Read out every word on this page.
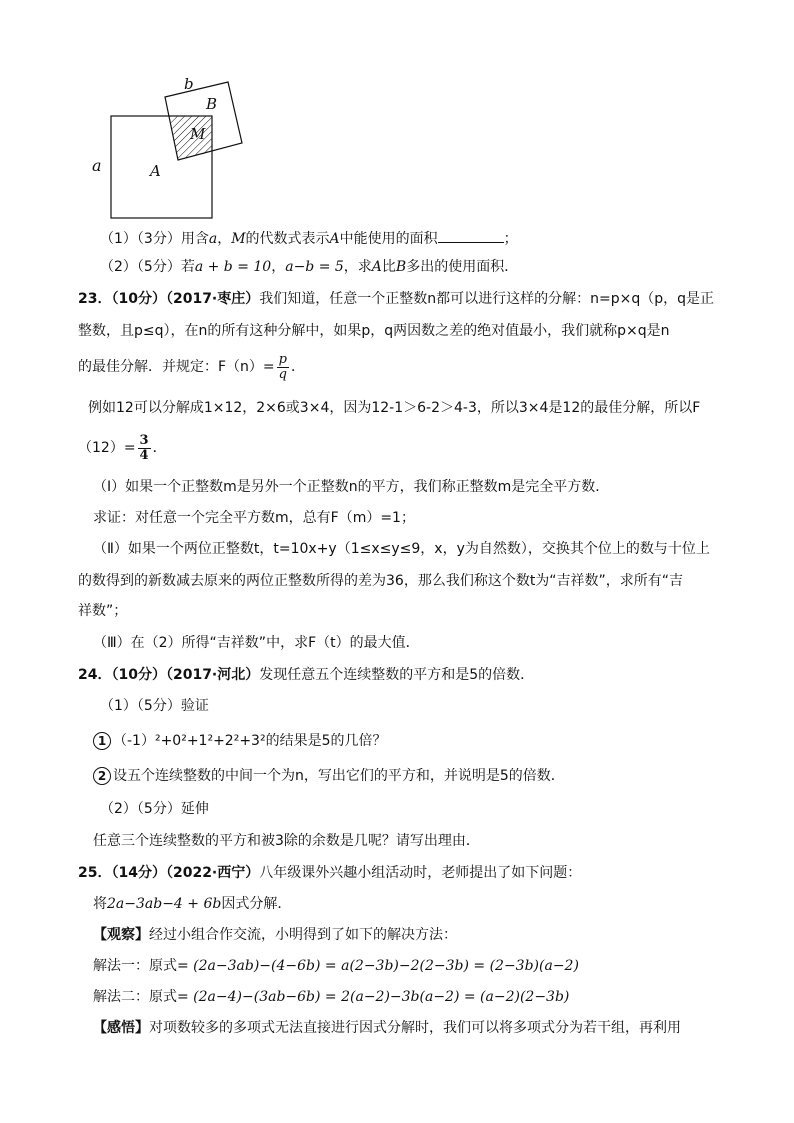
b
B
M
a	A
（1）（3分）用含a，M的代数式表示A中能使用的面积	；
（2）（5分）若a + b = 10，a−b = 5，求A比B多出的使用面积．
23．（10分）（2017·枣庄）我们知道，任意一个正整数n都可以进行这样的分解：n=p×q（p，q是正
整数，且p≤q），在n的所有这种分解中，如果p，q两因数之差的绝对值最小，我们就称p×q是n
的最佳分解．并规定：$F(n)= \frac{p}{q}$ ．
例如12可以分解成1×12，2×6或3×4，因为12-1＞6-2＞4-3，所以3×4是12的最佳分解，所以F
$(12)= \frac{3}{4}$ ．
（Ⅰ）如果一个正整数m是另外一个正整数n的平方，我们称正整数m是完全平方数．
求证：对任意一个完全平方数m，总有F（m）=1；
（Ⅱ）如果一个两位正整数t，t=10x+y（1≤x≤y≤9，x，y为自然数），交换其个位上的数与十位上
的数得到的新数减去原来的两位正整数所得的差为36，那么我们称这个数t为“吉祥数”，求所有“吉
祥数”；
（Ⅲ）在（2）所得“吉祥数”中，求F（t）的最大值．
24．（10分）（2017·河北）发现任意五个连续整数的平方和是5的倍数．
（1）（5分）验证
1 （-1）²+0²+1²+2²+3²的结果是5的几倍？
2 设五个连续整数的中间一个为n，写出它们的平方和，并说明是5的倍数．
（2）（5分）延伸
任意三个连续整数的平方和被3除的余数是几呢？请写出理由．
25．（14分）（2022·西宁）八年级课外兴趣小组活动时，老师提出了如下问题：
将2a−3ab−4 + 6b因式分解．
【观察】经过小组合作交流，小明得到了如下的解决方法：
解法一：原式= (2a−3ab)−(4−6b) = a(2−3b)−2(2−3b) = (2−3b)(a−2)
解法二：原式= (2a−4)−(3ab−6b) = 2(a−2)−3b(a−2) = (a−2)(2−3b)
【感悟】对项数较多的多项式无法直接进行因式分解时，我们可以将多项式分为若干组，再利用
